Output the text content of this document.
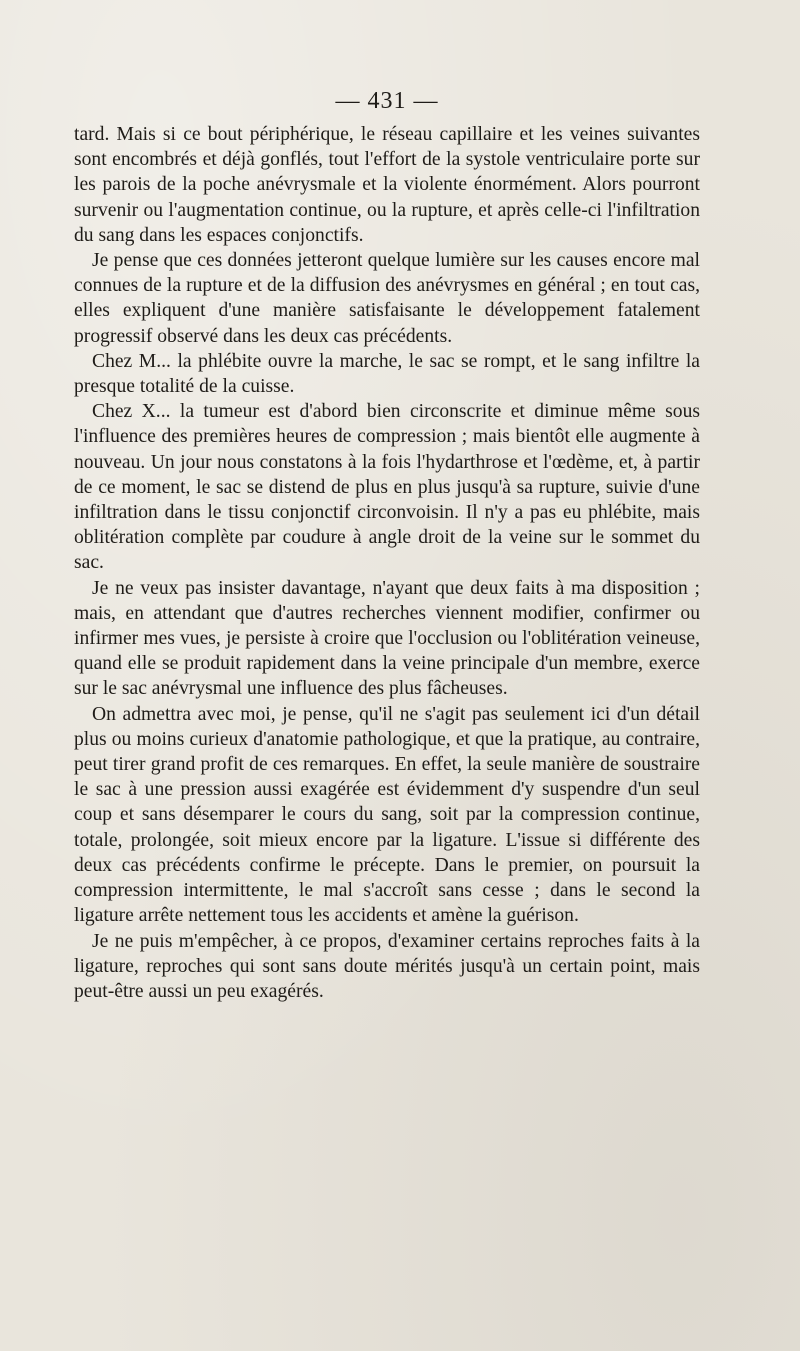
— 431 —

tard. Mais si ce bout périphérique, le réseau capillaire et les veines suivantes sont encombrés et déjà gonflés, tout l'effort de la systole ventriculaire porte sur les parois de la poche anévrysmale et la violente énormément. Alors pourront survenir ou l'augmentation continue, ou la rupture, et après celle-ci l'infiltration du sang dans les espaces conjonctifs.

Je pense que ces données jetteront quelque lumière sur les causes encore mal connues de la rupture et de la diffusion des anévrysmes en général ; en tout cas, elles expliquent d'une manière satisfaisante le développement fatalement progressif observé dans les deux cas précédents.

Chez M... la phlébite ouvre la marche, le sac se rompt, et le sang infiltre la presque totalité de la cuisse.

Chez X... la tumeur est d'abord bien circonscrite et diminue même sous l'influence des premières heures de compression ; mais bientôt elle augmente à nouveau. Un jour nous constatons à la fois l'hydarthrose et l'œdème, et, à partir de ce moment, le sac se distend de plus en plus jusqu'à sa rupture, suivie d'une infiltration dans le tissu conjonctif circonvoisin. Il n'y a pas eu phlébite, mais oblitération complète par coudure à angle droit de la veine sur le sommet du sac.

Je ne veux pas insister davantage, n'ayant que deux faits à ma disposition ; mais, en attendant que d'autres recherches viennent modifier, confirmer ou infirmer mes vues, je persiste à croire que l'occlusion ou l'oblitération veineuse, quand elle se produit rapidement dans la veine principale d'un membre, exerce sur le sac anévrysmal une influence des plus fâcheuses.

On admettra avec moi, je pense, qu'il ne s'agit pas seulement ici d'un détail plus ou moins curieux d'anatomie pathologique, et que la pratique, au contraire, peut tirer grand profit de ces remarques. En effet, la seule manière de soustraire le sac à une pression aussi exagérée est évidemment d'y suspendre d'un seul coup et sans désemparer le cours du sang, soit par la compression continue, totale, prolongée, soit mieux encore par la ligature. L'issue si différente des deux cas précédents confirme le précepte. Dans le premier, on poursuit la compression intermittente, le mal s'accroît sans cesse ; dans le second la ligature arrête nettement tous les accidents et amène la guérison.

Je ne puis m'empêcher, à ce propos, d'examiner certains reproches faits à la ligature, reproches qui sont sans doute mérités jusqu'à un certain point, mais peut-être aussi un peu exagérés.
